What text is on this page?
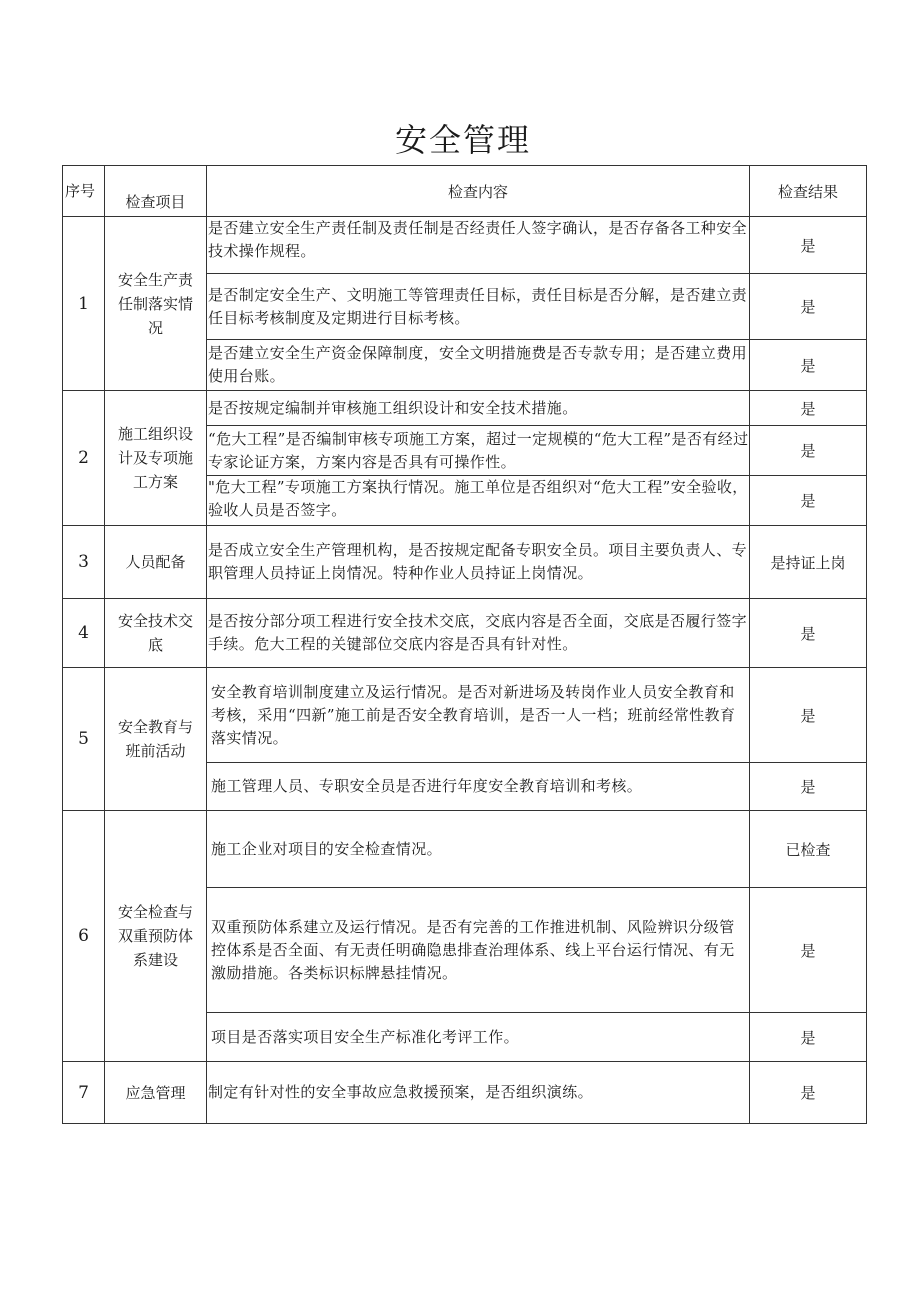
安全管理
序号	检查项目	检查内容	检查结果
1	安全生产责任制落实情况	是否建立安全生产责任制及责任制是否经责任人签字确认，是否存备各工种安全技术操作规程。	是
		是否制定安全生产、文明施工等管理责任目标，责任目标是否分解，是否建立责任目标考核制度及定期进行目标考核。	是
		是否建立安全生产资金保障制度，安全文明措施费是否专款专用；是否建立费用使用台账。	是
2	施工组织设计及专项施工方案	是否按规定编制并审核施工组织设计和安全技术措施。	是
		“危大工程”是否编制审核专项施工方案，超过一定规模的“危大工程”是否有经过专家论证方案，方案内容是否具有可操作性。	是
		"危大工程”专项施工方案执行情况。施工单位是否组织对“危大工程”安全验收，验收人员是否签字。	是
3	人员配备	是否成立安全生产管理机构，是否按规定配备专职安全员。项目主要负责人、专职管理人员持证上岗情况。特种作业人员持证上岗情况。	是持证上岗
4	安全技术交底	是否按分部分项工程进行安全技术交底，交底内容是否全面，交底是否履行签字手续。危大工程的关键部位交底内容是否具有针对性。	是
5	安全教育与班前活动	安全教育培训制度建立及运行情况。是否对新进场及转岗作业人员安全教育和考核，采用“四新”施工前是否安全教育培训，是否一人一档；班前经常性教育落实情况。	是
		施工管理人员、专职安全员是否进行年度安全教育培训和考核。	是
6	安全检查与双重预防体系建设	施工企业对项目的安全检查情况。	已检查
		双重预防体系建立及运行情况。是否有完善的工作推进机制、风险辨识分级管控体系是否全面、有无责任明确隐患排查治理体系、线上平台运行情况、有无激励措施。各类标识标牌悬挂情况。	是
		项目是否落实项目安全生产标准化考评工作。	是
7	应急管理	制定有针对性的安全事故应急救援预案，是否组织演练。	是
